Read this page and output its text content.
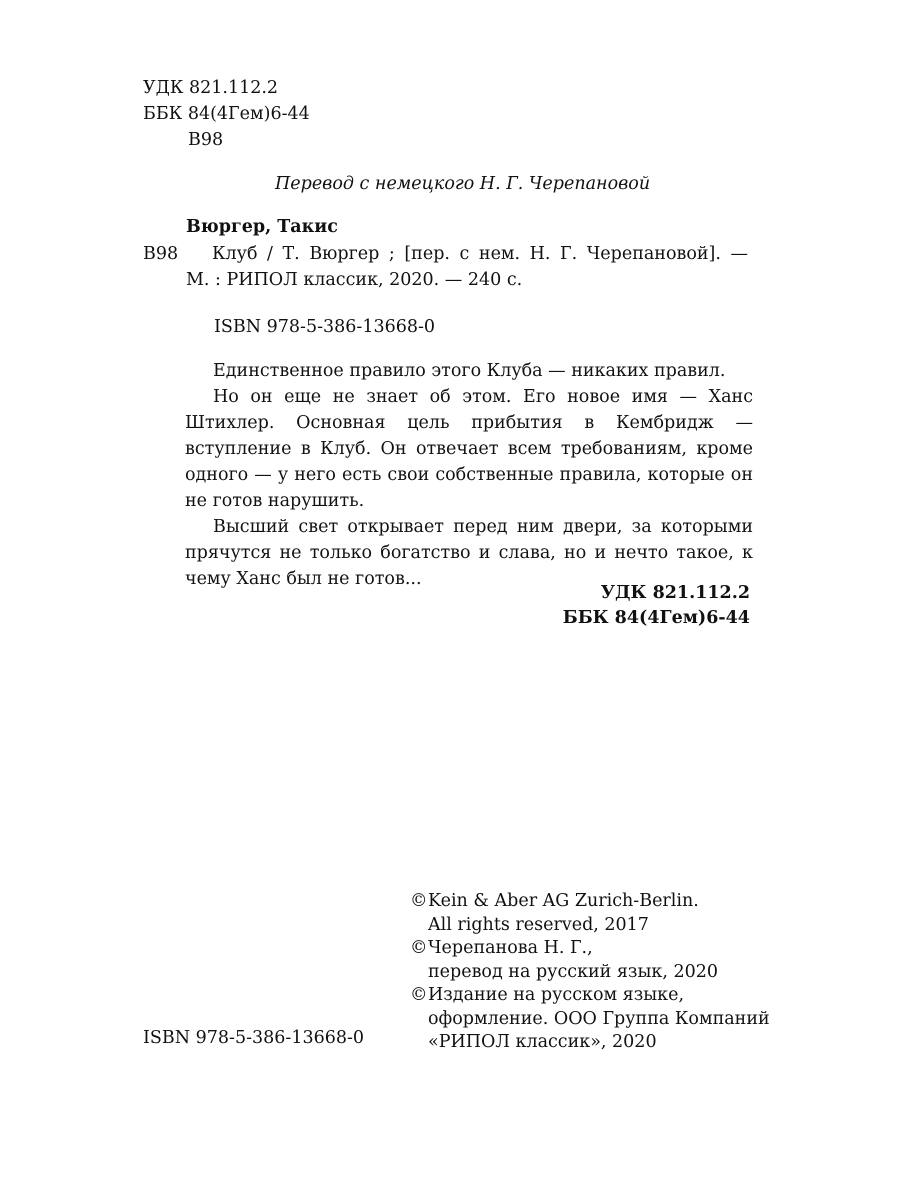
УДК 821.112.2
ББК 84(4Гем)6-44
В98
Перевод с немецкого Н. Г. Черепановой
Вюргер, Такис
В98 Клуб / Т. Вюргер ; [пер. с нем. Н. Г. Черепановой]. —
М. : РИПОЛ классик, 2020. — 240 с.
ISBN 978-5-386-13668-0

Единственное правило этого Клуба — никаких правил.

Но он еще не знает об этом. Его новое имя — Ханс Штихлер. Основная цель прибытия в Кембридж — вступление в Клуб. Он отвечает всем требованиям, кроме одного — у него есть свои собственные правила, которые он не готов нарушить.

Высший свет открывает перед ним двери, за которыми прячутся не только богатство и слава, но и нечто такое, к чему Ханс был не готов...

УДК 821.112.2
ББК 84(4Гем)6-44
© Kein & Aber AG Zurich-Berlin.
All rights reserved, 2017
© Черепанова Н. Г.,
перевод на русский язык, 2020
© Издание на русском языке,
оформление. ООО Группа Компаний
«РИПОЛ классик», 2020
ISBN 978-5-386-13668-0
